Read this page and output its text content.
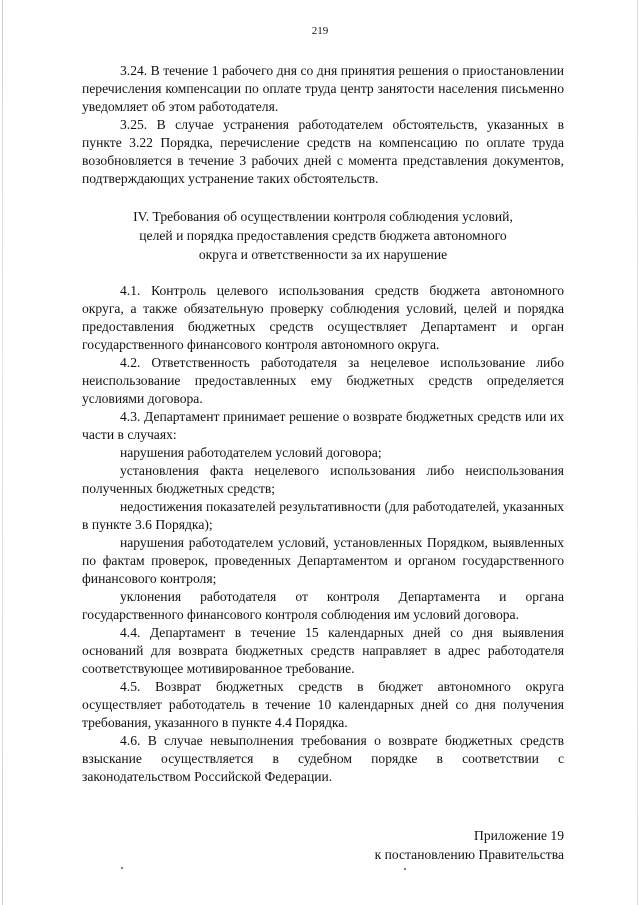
219

3.24. В течение 1 рабочего дня со дня принятия решения о приостановлении перечисления компенсации по оплате труда центр занятости населения письменно уведомляет об этом работодателя.

3.25. В случае устранения работодателем обстоятельств, указанных в пункте 3.22 Порядка, перечисление средств на компенсацию по оплате труда возобновляется в течение 3 рабочих дней с момента представления документов, подтверждающих устранение таких обстоятельств.

IV. Требования об осуществлении контроля соблюдения условий,
целей и порядка предоставления средств бюджета автономного
округа и ответственности за их нарушение

4.1. Контроль целевого использования средств бюджета автономного округа, а также обязательную проверку соблюдения условий, целей и порядка предоставления бюджетных средств осуществляет Департамент и орган государственного финансового контроля автономного округа.

4.2. Ответственность работодателя за нецелевое использование либо неиспользование предоставленных ему бюджетных средств определяется условиями договора.

4.3. Департамент принимает решение о возврате бюджетных средств или их части в случаях:

нарушения работодателем условий договора;

установления факта нецелевого использования либо неиспользования полученных бюджетных средств;

недостижения показателей результативности (для работодателей, указанных в пункте 3.6 Порядка);

нарушения работодателем условий, установленных Порядком, выявленных по фактам проверок, проведенных Департаментом и органом государственного финансового контроля;

уклонения работодателя от контроля Департамента и органа государственного финансового контроля соблюдения им условий договора.

4.4. Департамент в течение 15 календарных дней со дня выявления оснований для возврата бюджетных средств направляет в адрес работодателя соответствующее мотивированное требование.

4.5. Возврат бюджетных средств в бюджет автономного округа осуществляет работодатель в течение 10 календарных дней со дня получения требования, указанного в пункте 4.4 Порядка.

4.6. В случае невыполнения требования о возврате бюджетных средств взыскание осуществляется в судебном порядке в соответствии с законодательством Российской Федерации.

Приложение 19
к постановлению Правительства
